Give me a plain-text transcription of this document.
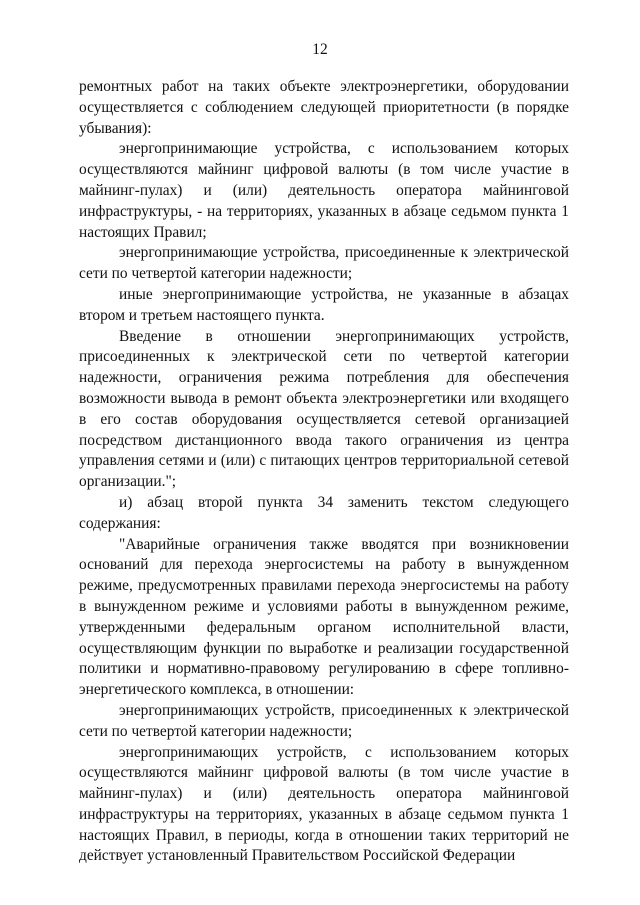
12

ремонтных работ на таких объекте электроэнергетики, оборудовании осуществляется с соблюдением следующей приоритетности (в порядке убывания):

энергопринимающие устройства, с использованием которых осуществляются майнинг цифровой валюты (в том числе участие в майнинг-пулах) и (или) деятельность оператора майнинговой инфраструктуры, - на территориях, указанных в абзаце седьмом пункта 1 настоящих Правил;

энергопринимающие устройства, присоединенные к электрической сети по четвертой категории надежности;

иные энергопринимающие устройства, не указанные в абзацах втором и третьем настоящего пункта.

Введение в отношении энергопринимающих устройств, присоединенных к электрической сети по четвертой категории надежности, ограничения режима потребления для обеспечения возможности вывода в ремонт объекта электроэнергетики или входящего в его состав оборудования осуществляется сетевой организацией посредством дистанционного ввода такого ограничения из центра управления сетями и (или) с питающих центров территориальной сетевой организации.";

и) абзац второй пункта 34 заменить текстом следующего содержания:

"Аварийные ограничения также вводятся при возникновении оснований для перехода энергосистемы на работу в вынужденном режиме, предусмотренных правилами перехода энергосистемы на работу в вынужденном режиме и условиями работы в вынужденном режиме, утвержденными федеральным органом исполнительной власти, осуществляющим функции по выработке и реализации государственной политики и нормативно-правовому регулированию в сфере топливно-энергетического комплекса, в отношении:

энергопринимающих устройств, присоединенных к электрической сети по четвертой категории надежности;

энергопринимающих устройств, с использованием которых осуществляются майнинг цифровой валюты (в том числе участие в майнинг-пулах) и (или) деятельность оператора майнинговой инфраструктуры на территориях, указанных в абзаце седьмом пункта 1 настоящих Правил, в периоды, когда в отношении таких территорий не действует установленный Правительством Российской Федерации
